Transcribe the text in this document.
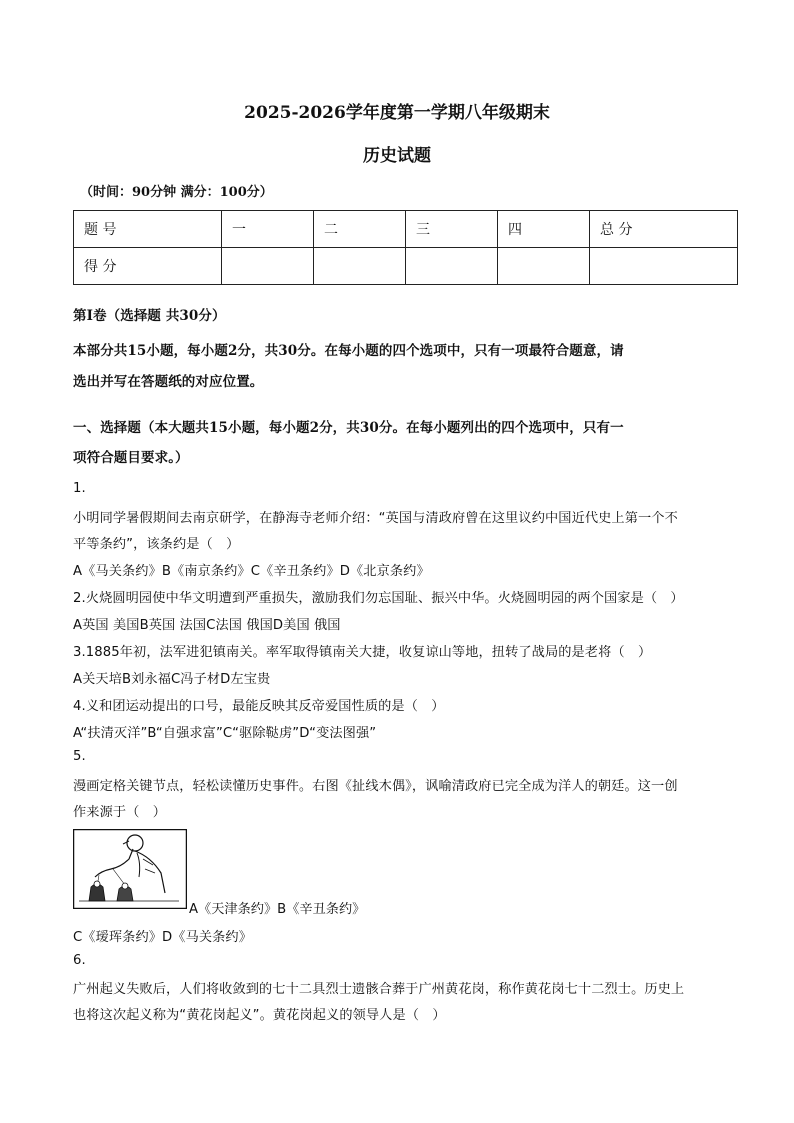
2025-2026学年度第一学期八年级期末
历史试题
（时间：90分钟 满分：100分）
题 号	一	二	三	四	总 分
得 分					
第Ⅰ卷（选择题 共30分）
本部分共15小题，每小题2分，共30分。在每小题的四个选项中，只有一项最符合题意，请
选出并写在答题纸的对应位置。
一、选择题（本大题共15小题，每小题2分，共30分。在每小题列出的四个选项中，只有一
项符合题目要求。）
1.
小明同学暑假期间去南京研学，在静海寺老师介绍：“英国与清政府曾在这里议约中国近代史上第一个不
平等条约”，该条约是（　）
A《马关条约》B《南京条约》C《辛丑条约》D《北京条约》
2.火烧圆明园使中华文明遭到严重损失，激励我们勿忘国耻、振兴中华。火烧圆明园的两个国家是（　）
A英国 美国B英国 法国C法国 俄国D美国 俄国
3.1885年初，法军进犯镇南关。率军取得镇南关大捷，收复谅山等地，扭转了战局的是老将（　）
A关天培B刘永福C冯子材D左宝贵
4.义和团运动提出的口号，最能反映其反帝爱国性质的是（　）
A“扶清灭洋”B“自强求富”C“驱除鞑虏”D“变法图强”
5.
漫画定格关键节点，轻松读懂历史事件。右图《扯线木偶》，讽喻清政府已完全成为洋人的朝廷。这一创
作来源于（　）
A《天津条约》B《辛丑条约》
C《瑷珲条约》D《马关条约》
6.
广州起义失败后，人们将收敛到的七十二具烈士遗骸合葬于广州黄花岗，称作黄花岗七十二烈士。历史上
也将这次起义称为“黄花岗起义”。黄花岗起义的领导人是（　）
